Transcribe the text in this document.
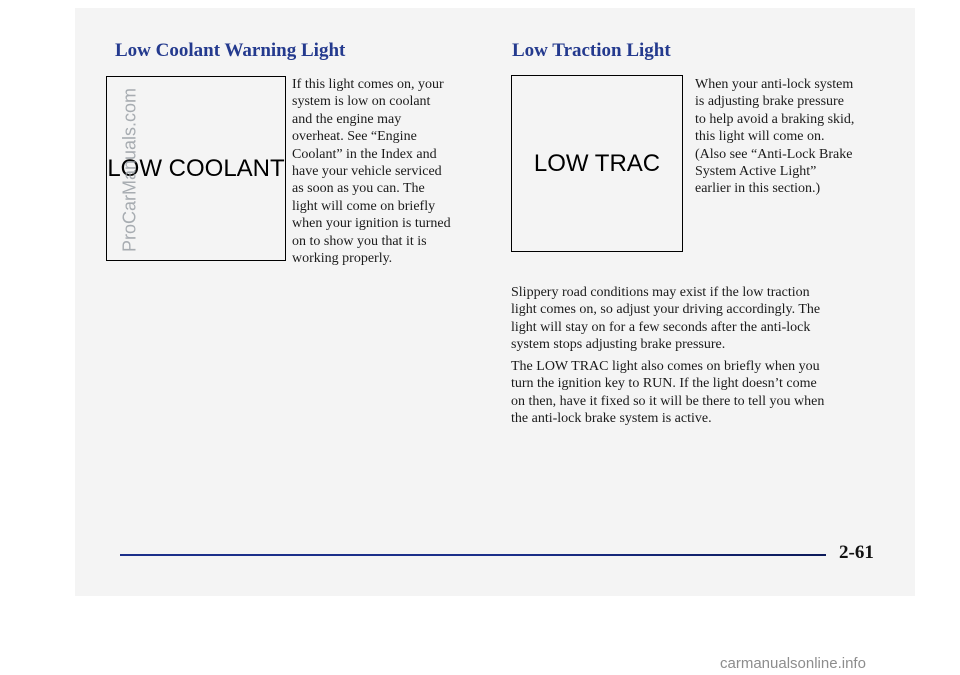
Low Coolant Warning Light	Low Traction Light
LOW COOLANT	LOW TRAC
If this light comes on, your
system is low on coolant
and the engine may
overheat. See “Engine
Coolant” in the Index and
have your vehicle serviced
as soon as you can. The
light will come on briefly
when your ignition is turned
on to show you that it is
working properly.
When your anti-lock system
is adjusting brake pressure
to help avoid a braking skid,
this light will come on.
(Also see “Anti-Lock Brake
System Active Light”
earlier in this section.)
Slippery road conditions may exist if the low traction
light comes on, so adjust your driving accordingly. The
light will stay on for a few seconds after the anti-lock
system stops adjusting brake pressure.
The LOW TRAC light also comes on briefly when you
turn the ignition key to RUN. If the light doesn’t come
on then, have it fixed so it will be there to tell you when
the anti-lock brake system is active.
2-61
ProCarManuals.com
carmanualsonline.info
